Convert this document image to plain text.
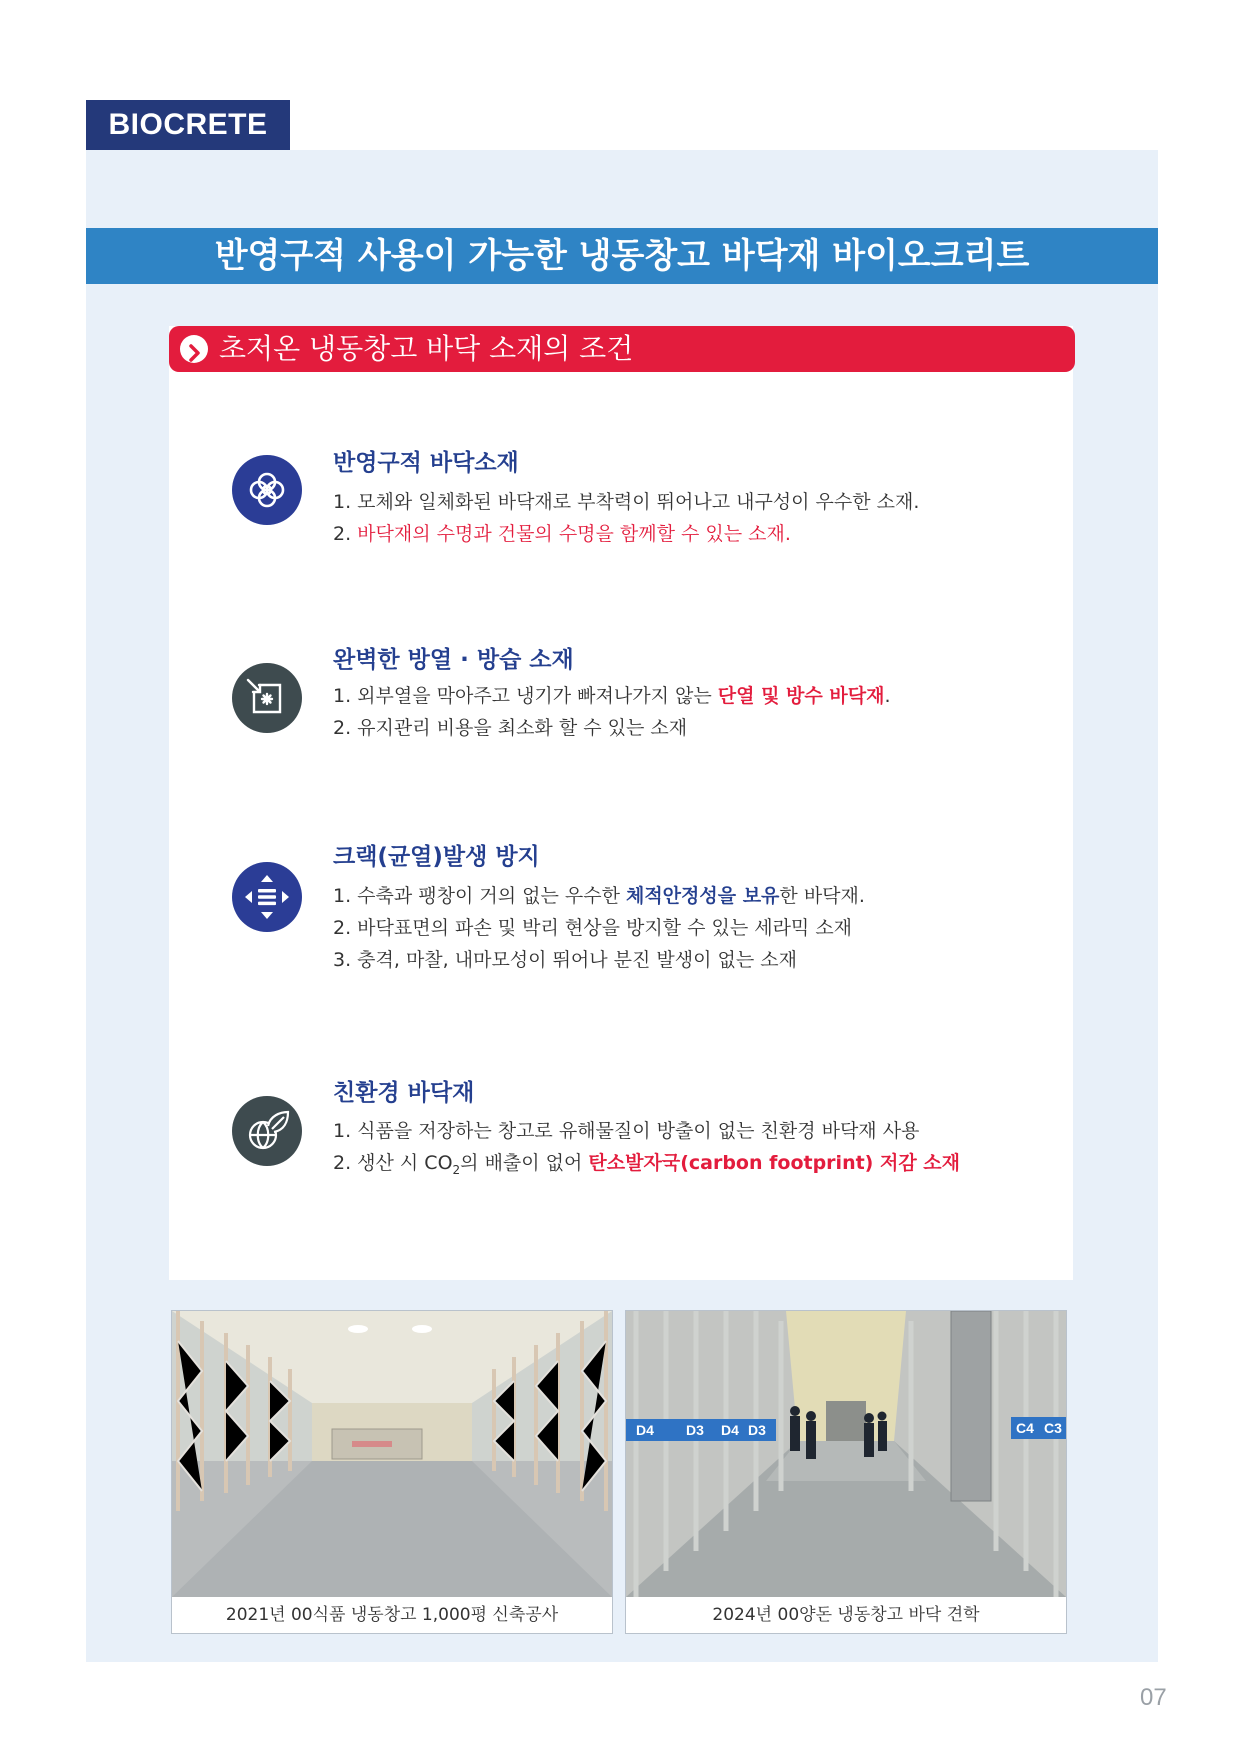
BIOCRETE
반영구적 사용이 가능한 냉동창고 바닥재 바이오크리트
초저온 냉동창고 바닥 소재의 조건
반영구적 바닥소재
1. 모체와 일체화된 바닥재로 부착력이 뛰어나고 내구성이 우수한 소재.
2. 바닥재의 수명과 건물의 수명을 함께할 수 있는 소재.
완벽한 방열 · 방습 소재
1. 외부열을 막아주고 냉기가 빠져나가지 않는 단열 및 방수 바닥재.
2. 유지관리 비용을 최소화 할 수 있는 소재
크랙(균열)발생 방지
1. 수축과 팽창이 거의 없는 우수한 체적안정성을 보유한 바닥재.
2. 바닥표면의 파손 및 박리 현상을 방지할 수 있는 세라믹 소재
3. 충격, 마찰, 내마모성이 뛰어나 분진 발생이 없는 소재
친환경 바닥재
1. 식품을 저장하는 창고로 유해물질이 방출이 없는 친환경 바닥재 사용
2. 생산 시 $CO_2$의 배출이 없어 탄소발자국(carbon footprint) 저감 소재
2021년 00식품 냉동창고 1,000평 신축공사
D4 D3 D4 D3	C4 C3
2024년 00양돈 냉동창고 바닥 견학
07
